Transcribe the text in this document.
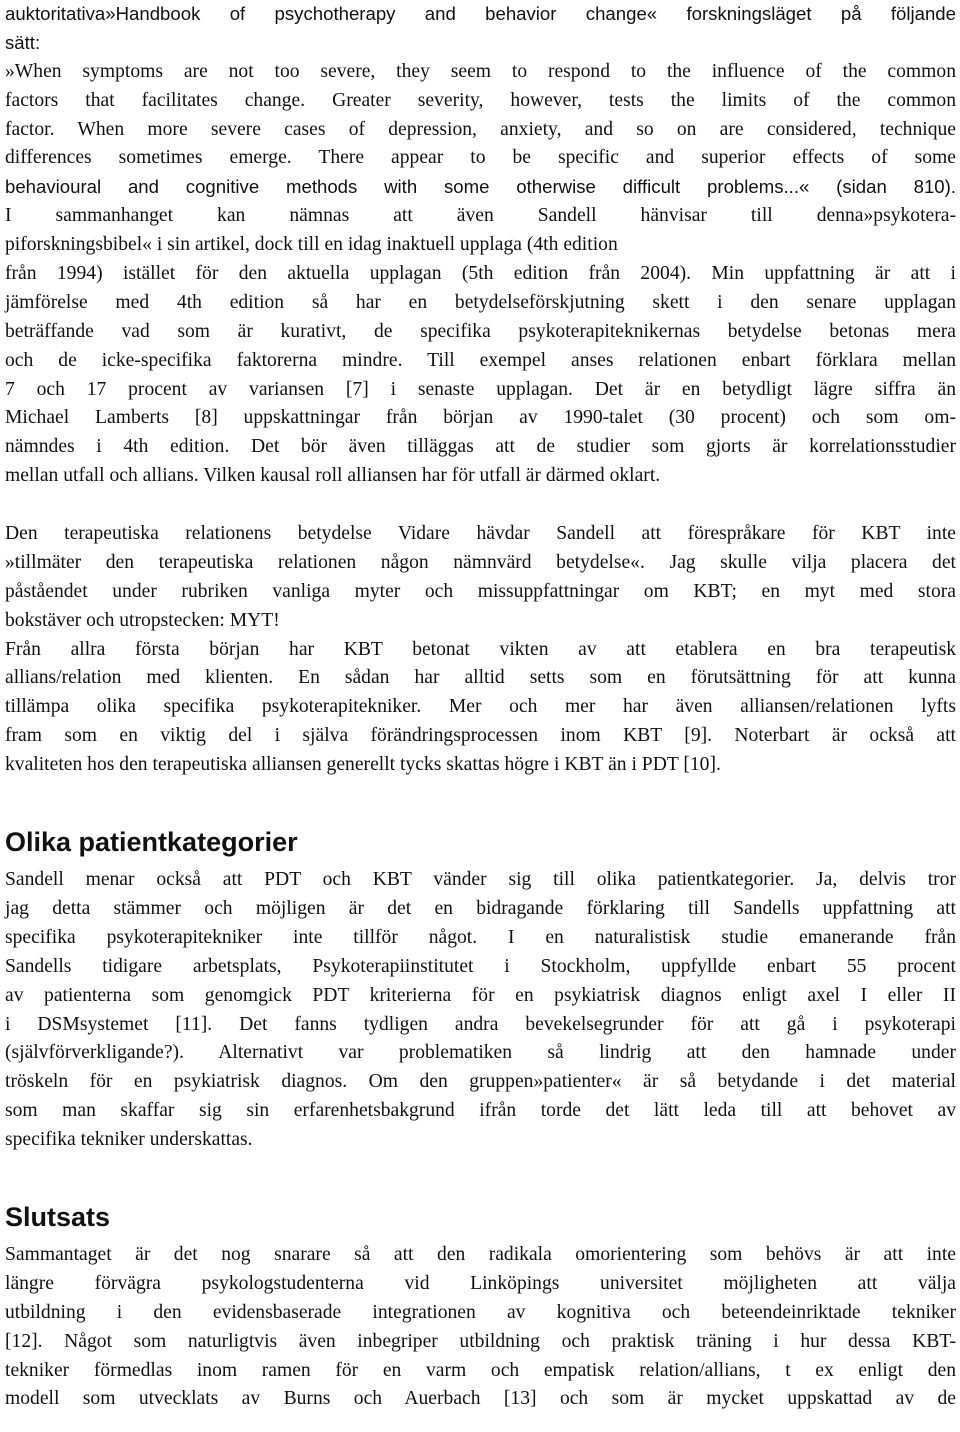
auktoritativa»Handbook of psychotherapy and behavior change« forskningsläget på följande
sätt:
»When symptoms are not too severe, they seem to respond to the influence of the common
factors that facilitates change. Greater severity, however, tests the limits of the common
factor. When more severe cases of depression, anxiety, and so on are considered, technique
differences sometimes emerge. There appear to be specific and superior effects of some
behavioural and cognitive methods with some otherwise difficult problems...« (sidan 810).
I sammanhanget kan nämnas att även Sandell hänvisar till denna»psykotera-
piforskningsbibel« i sin artikel, dock till en idag inaktuell upplaga (4th edition
från 1994) istället för den aktuella upplagan (5th edition från 2004). Min uppfattning är att i
jämförelse med 4th edition så har en betydelseförskjutning skett i den senare upplagan
beträffande vad som är kurativt, de specifika psykoterapiteknikernas betydelse betonas mera
och de icke-specifika faktorerna mindre. Till exempel anses relationen enbart förklara mellan
7 och 17 procent av variansen [7] i senaste upplagan. Det är en betydligt lägre siffra än
Michael Lamberts [8] uppskattningar från början av 1990-talet (30 procent) och som om-
nämndes i 4th edition. Det bör även tilläggas att de studier som gjorts är korrelationsstudier
mellan utfall och allians. Vilken kausal roll alliansen har för utfall är därmed oklart.
Den terapeutiska relationens betydelse Vidare hävdar Sandell att förespråkare för KBT inte
»tillmäter den terapeutiska relationen någon nämnvärd betydelse«. Jag skulle vilja placera det
påståendet under rubriken vanliga myter och missuppfattningar om KBT; en myt med stora
bokstäver och utropstecken: MYT!
Från allra första början har KBT betonat vikten av att etablera en bra terapeutisk
allians/relation med klienten. En sådan har alltid setts som en förutsättning för att kunna
tillämpa olika specifika psykoterapitekniker. Mer och mer har även alliansen/relationen lyfts
fram som en viktig del i själva förändringsprocessen inom KBT [9]. Noterbart är också att
kvaliteten hos den terapeutiska alliansen generellt tycks skattas högre i KBT än i PDT [10].
Olika patientkategorier
Sandell menar också att PDT och KBT vänder sig till olika patientkategorier. Ja, delvis tror
jag detta stämmer och möjligen är det en bidragande förklaring till Sandells uppfattning att
specifika psykoterapitekniker inte tillför något. I en naturalistisk studie emanerande från
Sandells tidigare arbetsplats, Psykoterapiinstitutet i Stockholm, uppfyllde enbart 55 procent
av patienterna som genomgick PDT kriterierna för en psykiatrisk diagnos enligt axel I eller II
i DSMsystemet [11]. Det fanns tydligen andra bevekelsegrunder för att gå i psykoterapi
(självförverkligande?). Alternativt var problematiken så lindrig att den hamnade under
tröskeln för en psykiatrisk diagnos. Om den gruppen»patienter« är så betydande i det material
som man skaffar sig sin erfarenhetsbakgrund ifrån torde det lätt leda till att behovet av
specifika tekniker underskattas.
Slutsats
Sammantaget är det nog snarare så att den radikala omorientering som behövs är att inte
längre förvägra psykologstudenterna vid Linköpings universitet möjligheten att välja
utbildning i den evidensbaserade integrationen av kognitiva och beteendeinriktade tekniker
[12]. Något som naturligtvis även inbegriper utbildning och praktisk träning i hur dessa KBT-
tekniker förmedlas inom ramen för en varm och empatisk relation/allians, t ex enligt den
modell som utvecklats av Burns och Auerbach [13] och som är mycket uppskattad av de
